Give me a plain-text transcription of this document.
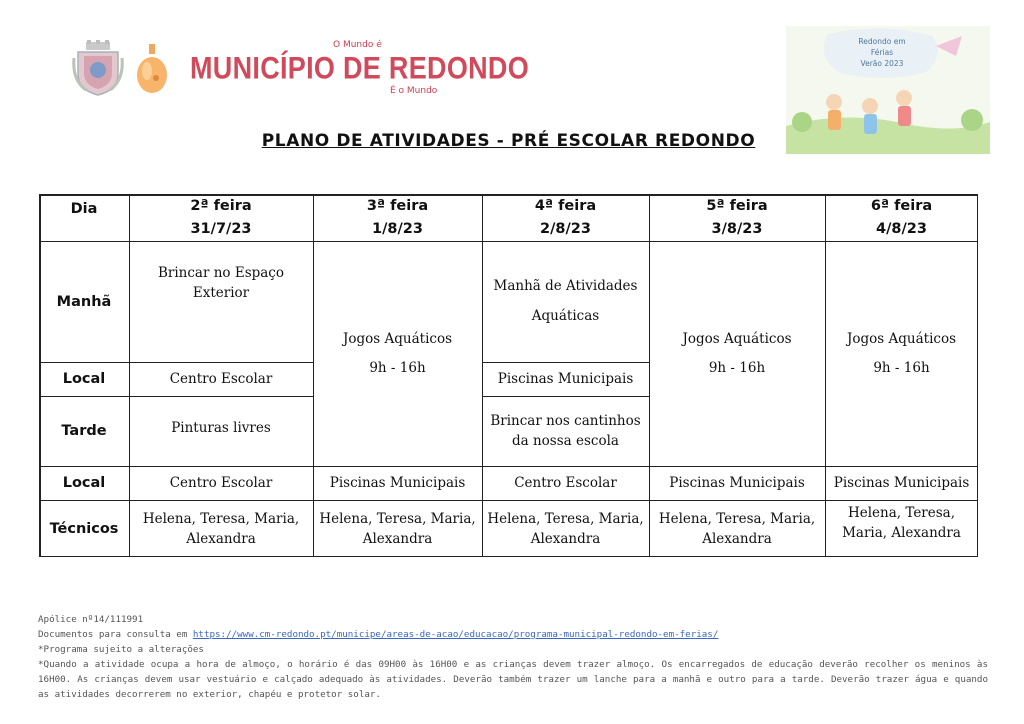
O Mundo é
MUNICÍPIO DE REDONDO
É o Mundo
Redondo em
Férias
Verão 2023
PLANO DE ATIVIDADES - PRÉ ESCOLAR REDONDO
Dia	2ª feira
31/7/23
3ª feira
1/8/23
4ª feira
2/8/23
5ª feira
3/8/23
6ª feira
4/8/23
Manhã
Local
Tarde
Local
Técnicos
Brincar no Espaço
Exterior
Centro Escolar
Pinturas livres
Centro Escolar
Helena, Teresa, Maria,
Alexandra
Jogos Aquáticos
9h - 16h
Piscinas Municipais
Helena, Teresa, Maria,
Alexandra
Manhã de Atividades
Aquáticas
Piscinas Municipais
Brincar nos cantinhos
da nossa escola
Centro Escolar
Helena, Teresa, Maria,
Alexandra
Jogos Aquáticos
9h - 16h
Piscinas Municipais
Helena, Teresa, Maria,
Alexandra
Jogos Aquáticos
9h - 16h
Piscinas Municipais
Helena, Teresa,
Maria, Alexandra
Apólice nº14/111991
Documentos para consulta em https://www.cm-redondo.pt/municipe/areas-de-acao/educacao/programa-municipal-redondo-em-ferias/
*Programa sujeito a alterações
*Quando a atividade ocupa a hora de almoço, o horário é das 09H00 às 16H00 e as crianças devem trazer almoço. Os encarregados de educação deverão recolher os meninos às 16H00. As crianças devem usar vestuário e calçado adequado às atividades. Deverão também trazer um lanche para a manhã e outro para a tarde. Deverão trazer água e quando as atividades decorrerem no exterior, chapéu e protetor solar.
